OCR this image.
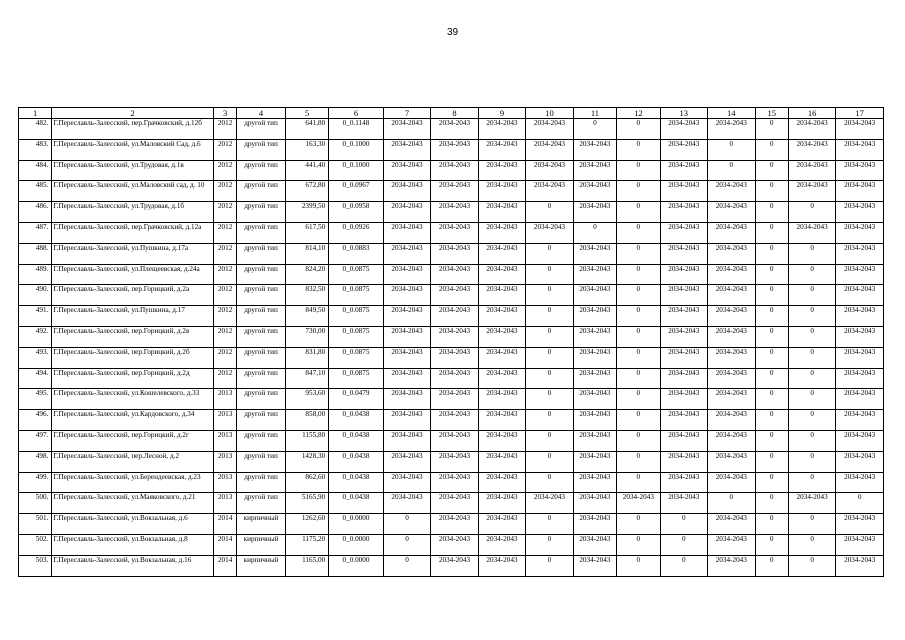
39
1	2	3	4	5	6	7	8	9	10	11	12	13	14	15	16	17
482.	Г.Переславль-Залесский, пер.Грачковский, д.12б	2012	другой тип	641,80	0_0.1148	2034-2043	2034-2043	2034-2043	2034-2043	0	0	2034-2043	2034-2043	0	2034-2043	2034-2043
483.	Г.Переславль-Залесский, ул.Маловский Сад, д.6	2012	другой тип	163,30	0_0.1000	2034-2043	2034-2043	2034-2043	2034-2043	2034-2043	0	2034-2043	0	0	2034-2043	2034-2043
484.	Г.Переславль-Залесский, ул.Трудовая, д.1в	2012	другой тип	441,40	0_0.1000	2034-2043	2034-2043	2034-2043	2034-2043	2034-2043	0	2034-2043	0	0	2034-2043	2034-2043
485.	Г.Переславль-Залесский, ул.Маловский сад, д. 10	2012	другой тип	672,80	0_0.0967	2034-2043	2034-2043	2034-2043	2034-2043	2034-2043	0	2034-2043	2034-2043	0	2034-2043	2034-2043
486.	Г.Переславль-Залесский, ул.Трудовая, д.1б	2012	другой тип	2399,50	0_0.0958	2034-2043	2034-2043	2034-2043	0	2034-2043	0	2034-2043	2034-2043	0	0	2034-2043
487.	Г.Переславль-Залесский, пер.Грачковский, д.12а	2012	другой тип	617,50	0_0.0926	2034-2043	2034-2043	2034-2043	2034-2043	0	0	2034-2043	2034-2043	0	2034-2043	2034-2043
488.	Г.Переславль-Залесский, ул.Пушкина, д.17а	2012	другой тип	814,10	0_0.0883	2034-2043	2034-2043	2034-2043	0	2034-2043	0	2034-2043	2034-2043	0	0	2034-2043
489.	Г.Переславль-Залесский, ул.Плещеевская, д.24а	2012	другой тип	824,20	0_0.0875	2034-2043	2034-2043	2034-2043	0	2034-2043	0	2034-2043	2034-2043	0	0	2034-2043
490.	Г.Переславль-Залесский, пер.Горицкий, д.2а	2012	другой тип	832,50	0_0.0875	2034-2043	2034-2043	2034-2043	0	2034-2043	0	2034-2043	2034-2043	0	0	2034-2043
491.	Г.Переславль-Залесский, ул.Пушкина, д.17	2012	другой тип	849,50	0_0.0875	2034-2043	2034-2043	2034-2043	0	2034-2043	0	2034-2043	2034-2043	0	0	2034-2043
492.	Г.Переславль-Залесский, пер.Горицкий, д.2в	2012	другой тип	730,00	0_0.0875	2034-2043	2034-2043	2034-2043	0	2034-2043	0	2034-2043	2034-2043	0	0	2034-2043
493.	Г.Переславль-Залесский, пер.Горицкий, д.2б	2012	другой тип	831,80	0_0.0875	2034-2043	2034-2043	2034-2043	0	2034-2043	0	2034-2043	2034-2043	0	0	2034-2043
494.	Г.Переславль-Залесский, пер.Горицкий, д.2д	2012	другой тип	847,10	0_0.0875	2034-2043	2034-2043	2034-2043	0	2034-2043	0	2034-2043	2034-2043	0	0	2034-2043
495.	Г.Переславль-Залесский, ул.Кошелевского, д.33	2013	другой тип	953,60	0_0.0479	2034-2043	2034-2043	2034-2043	0	2034-2043	0	2034-2043	2034-2043	0	0	2034-2043
496.	Г.Переславль-Залесский, ул.Кардовского, д.34	2013	другой тип	858,00	0_0.0438	2034-2043	2034-2043	2034-2043	0	2034-2043	0	2034-2043	2034-2043	0	0	2034-2043
497.	Г.Переславль-Залесский, пер.Горицкий, д.2г	2013	другой тип	1155,80	0_0.0438	2034-2043	2034-2043	2034-2043	0	2034-2043	0	2034-2043	2034-2043	0	0	2034-2043
498.	Г.Переславль-Залесский, пер.Лесной, д.2	2013	другой тип	1428,30	0_0.0438	2034-2043	2034-2043	2034-2043	0	2034-2043	0	2034-2043	2034-2043	0	0	2034-2043
499.	Г.Переславль-Залесский, ул.Берендеевская, д.23	2013	другой тип	862,60	0_0.0438	2034-2043	2034-2043	2034-2043	0	2034-2043	0	2034-2043	2034-2043	0	0	2034-2043
500.	Г.Переславль-Залесский, ул.Маяковского, д.21	2013	другой тип	5165,90	0_0.0438	2034-2043	2034-2043	2034-2043	2034-2043	2034-2043	2034-2043	2034-2043	0	0	2034-2043	0
501.	Г.Переславль-Залесский, ул.Вокзальная, д.6	2014	кирпичный	1262,60	0_0.0000	0	2034-2043	2034-2043	0	2034-2043	0	0	2034-2043	0	0	2034-2043
502.	Г.Переславль-Залесский, ул.Вокзальная, д.8	2014	кирпичный	1175,20	0_0.0000	0	2034-2043	2034-2043	0	2034-2043	0	0	2034-2043	0	0	2034-2043
503.	Г.Переславль-Залесский, ул.Вокзальная, д.16	2014	кирпичный	1165,00	0_0.0000	0	2034-2043	2034-2043	0	2034-2043	0	0	2034-2043	0	0	2034-2043
